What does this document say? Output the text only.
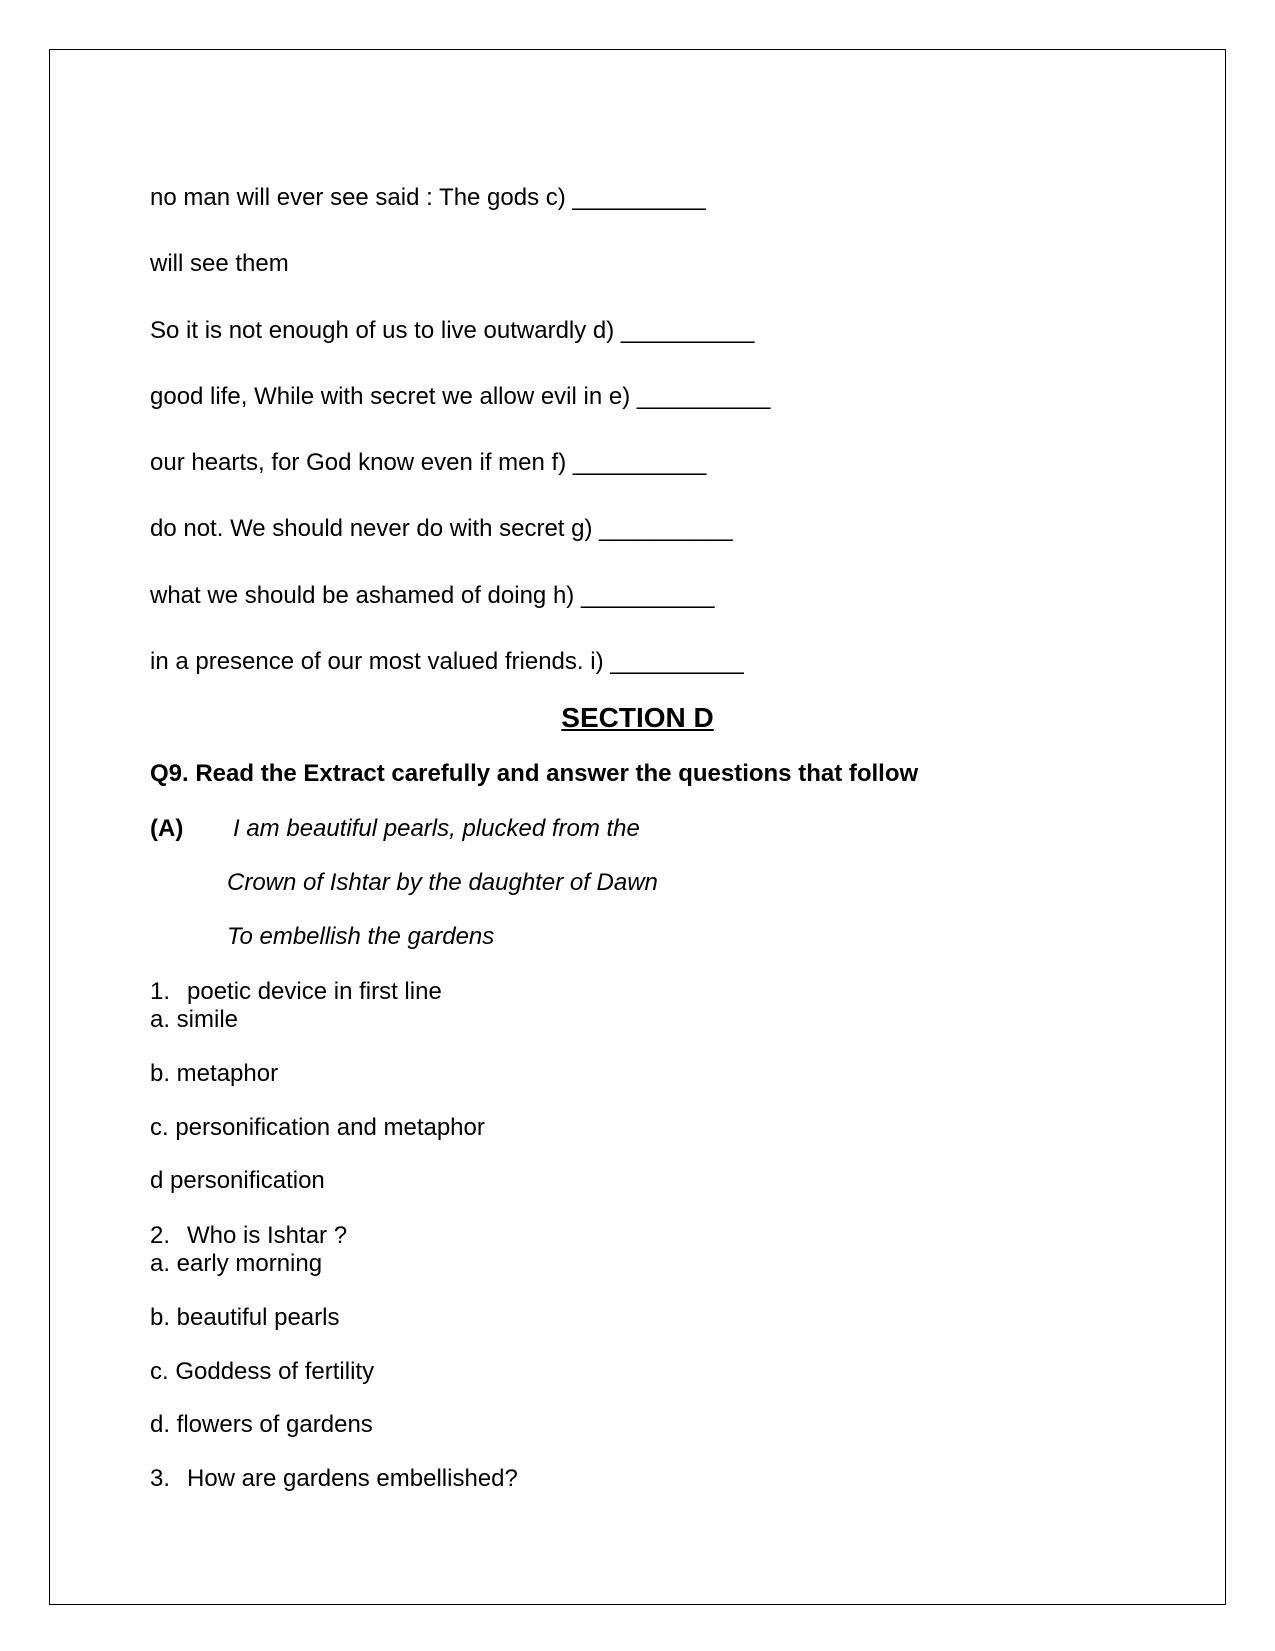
no man will ever see said : The gods c) __________
will see them
So it is not enough of us to live outwardly d) __________
good life, While with secret we allow evil in e) __________
our hearts, for God know even if men f) __________
do not. We should never do with secret g) __________
what we should be ashamed of doing h) __________
in a presence of our most valued friends. i) __________
SECTION D
Q9. Read the Extract carefully and answer the questions that follow
(A) I am beautiful pearls, plucked from the
Crown of Ishtar by the daughter of Dawn
To embellish the gardens
1. poetic device in first line
a. simile
b. metaphor
c. personification and metaphor
d personification
2. Who is Ishtar ?
a. early morning
b. beautiful pearls
c. Goddess of fertility
d. flowers of gardens
3. How are gardens embellished?
